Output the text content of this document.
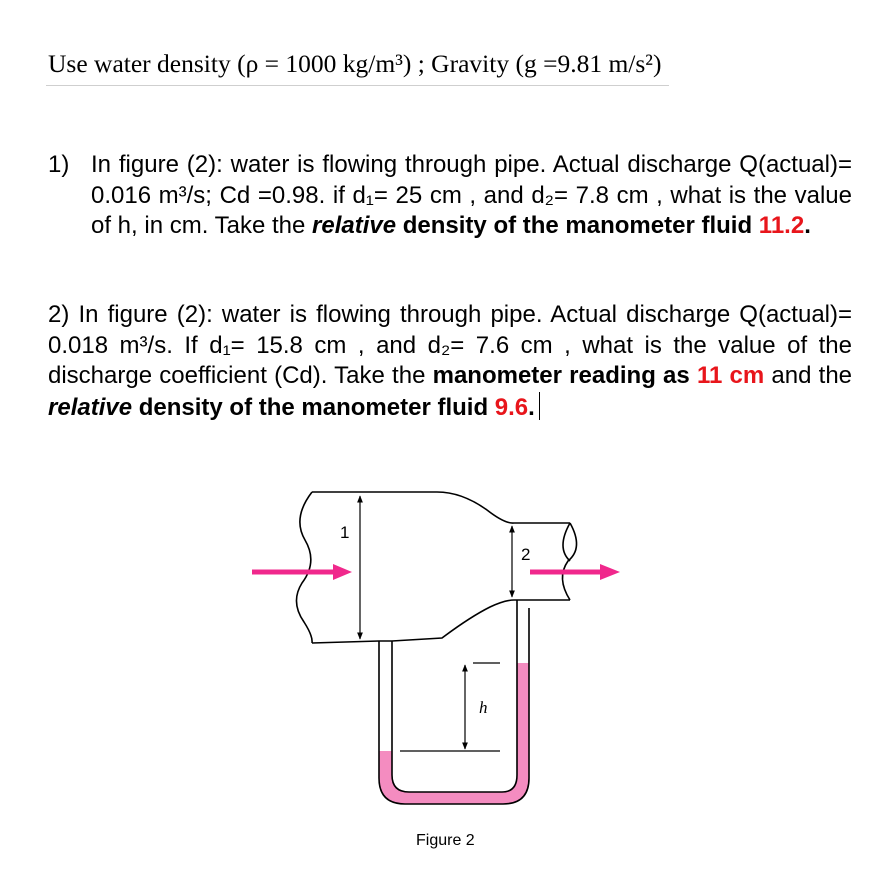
Use water density (ρ = 1000 kg/m³) ; Gravity (g =9.81 m/s²)
1) In figure (2): water is flowing through pipe. Actual discharge Q(actual)= 0.016 m³/s; Cd =0.98. if d₁= 25 cm , and d₂= 7.8 cm , what is the value of h, in cm. Take the relative density of the manometer fluid 11.2.
2) In figure (2): water is flowing through pipe. Actual discharge Q(actual)= 0.018 m³/s. If d₁= 15.8 cm , and d₂= 7.6 cm , what is the value of the discharge coefficient (Cd). Take the manometer reading as 11 cm and the relative density of the manometer fluid 9.6.
1
2
h
Figure 2
